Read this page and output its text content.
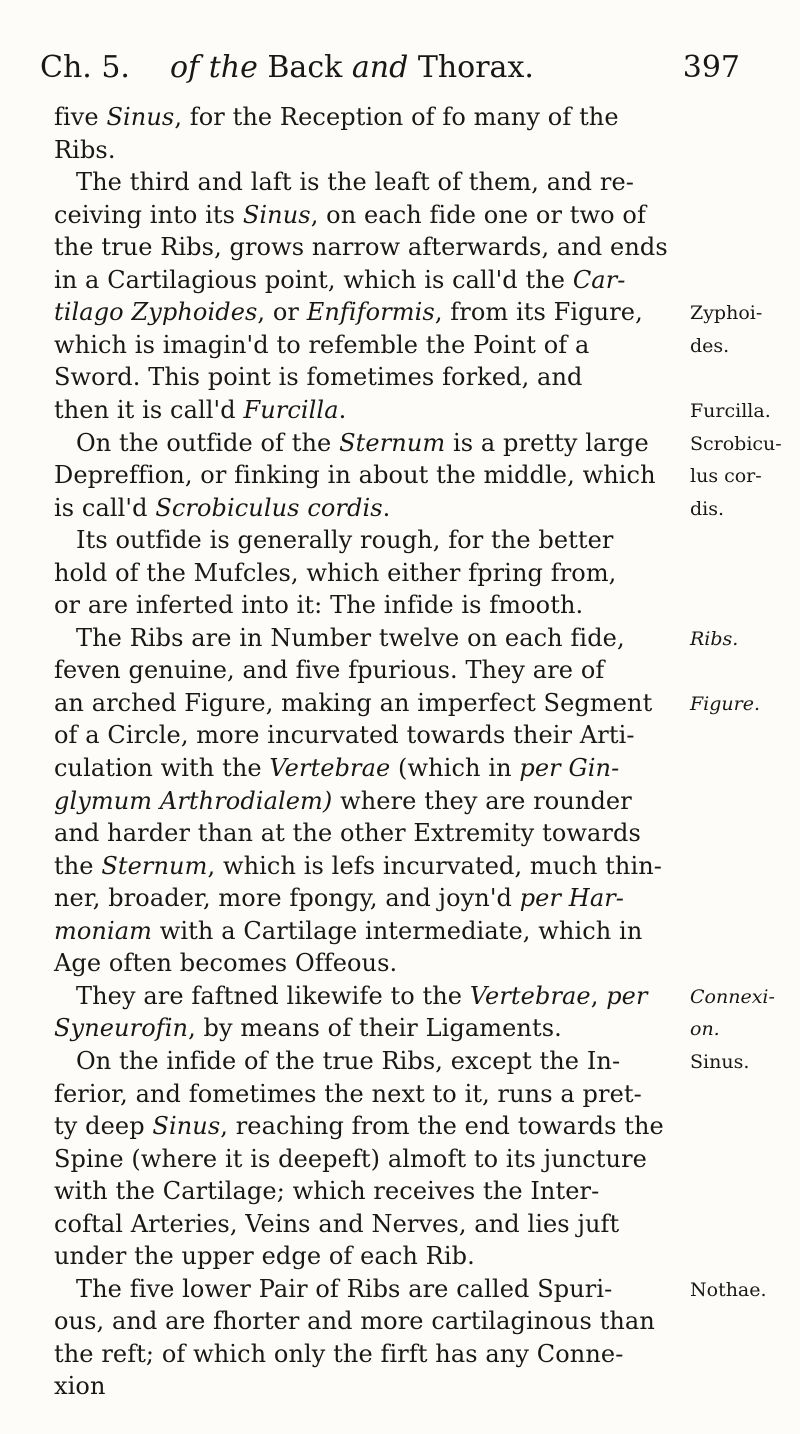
Ch. 5. of the Back and Thorax.	397
five Sinus, for the Reception of fo many of the
Ribs.
The third and laft is the leaft of them, and re-
ceiving into its Sinus, on each fide one or two of
the true Ribs, grows narrow afterwards, and ends
in a Cartilagious point, which is call'd the Car-
tilago Zyphoides, or Enfiformis, from its Figure,
which is imagin'd to refemble the Point of a
Sword. This point is fometimes forked, and
then it is call'd Furcilla.
On the outfide of the Sternum is a pretty large
Depreffion, or finking in about the middle, which
is call'd Scrobiculus cordis.
Its outfide is generally rough, for the better
hold of the Mufcles, which either fpring from,
or are inferted into it: The infide is fmooth.
The Ribs are in Number twelve on each fide,
feven genuine, and five fpurious. They are of
an arched Figure, making an imperfect Segment
of a Circle, more incurvated towards their Arti-
culation with the Vertebrae (which in per Gin-
glymum Arthrodialem) where they are rounder
and harder than at the other Extremity towards
the Sternum, which is lefs incurvated, much thin-
ner, broader, more fpongy, and joyn'd per Har-
moniam with a Cartilage intermediate, which in
Age often becomes Offeous.
They are faftned likewife to the Vertebrae, per
Syneurofin, by means of their Ligaments.
On the infide of the true Ribs, except the In-
ferior, and fometimes the next to it, runs a pret-
ty deep Sinus, reaching from the end towards the
Spine (where it is deepeft) almoft to its juncture
with the Cartilage; which receives the Inter-
coftal Arteries, Veins and Nerves, and lies juft
under the upper edge of each Rib.
The five lower Pair of Ribs are called Spuri-
ous, and are fhorter and more cartilaginous than
the reft; of which only the firft has any Conne-
xion
Zyphoi-
des.
Furcilla.
Scrobicu-
lus cor-
dis.
Ribs.
Figure.
Connexi-
on.
Sinus.
Nothae.
